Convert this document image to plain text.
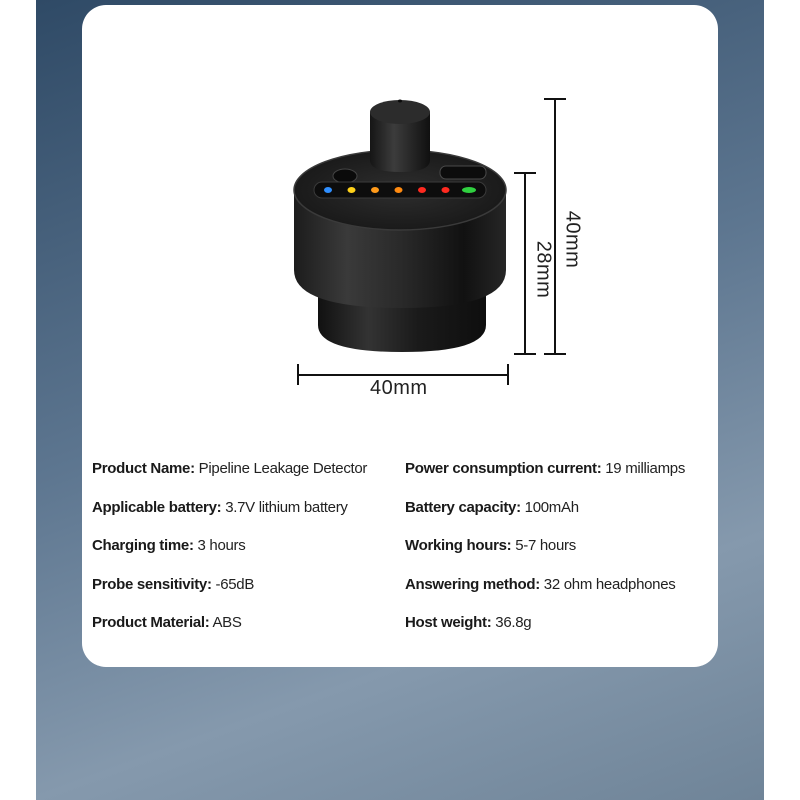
40mm
40mm
28mm
Product Name: Pipeline Leakage Detector	Power consumption current: 19 milliamps
Applicable battery: 3.7V lithium battery	Battery capacity: 100mAh
Charging time: 3 hours	Working hours: 5-7 hours
Probe sensitivity: -65dB	Answering method: 32 ohm headphones
Product Material: ABS	Host weight: 36.8g
